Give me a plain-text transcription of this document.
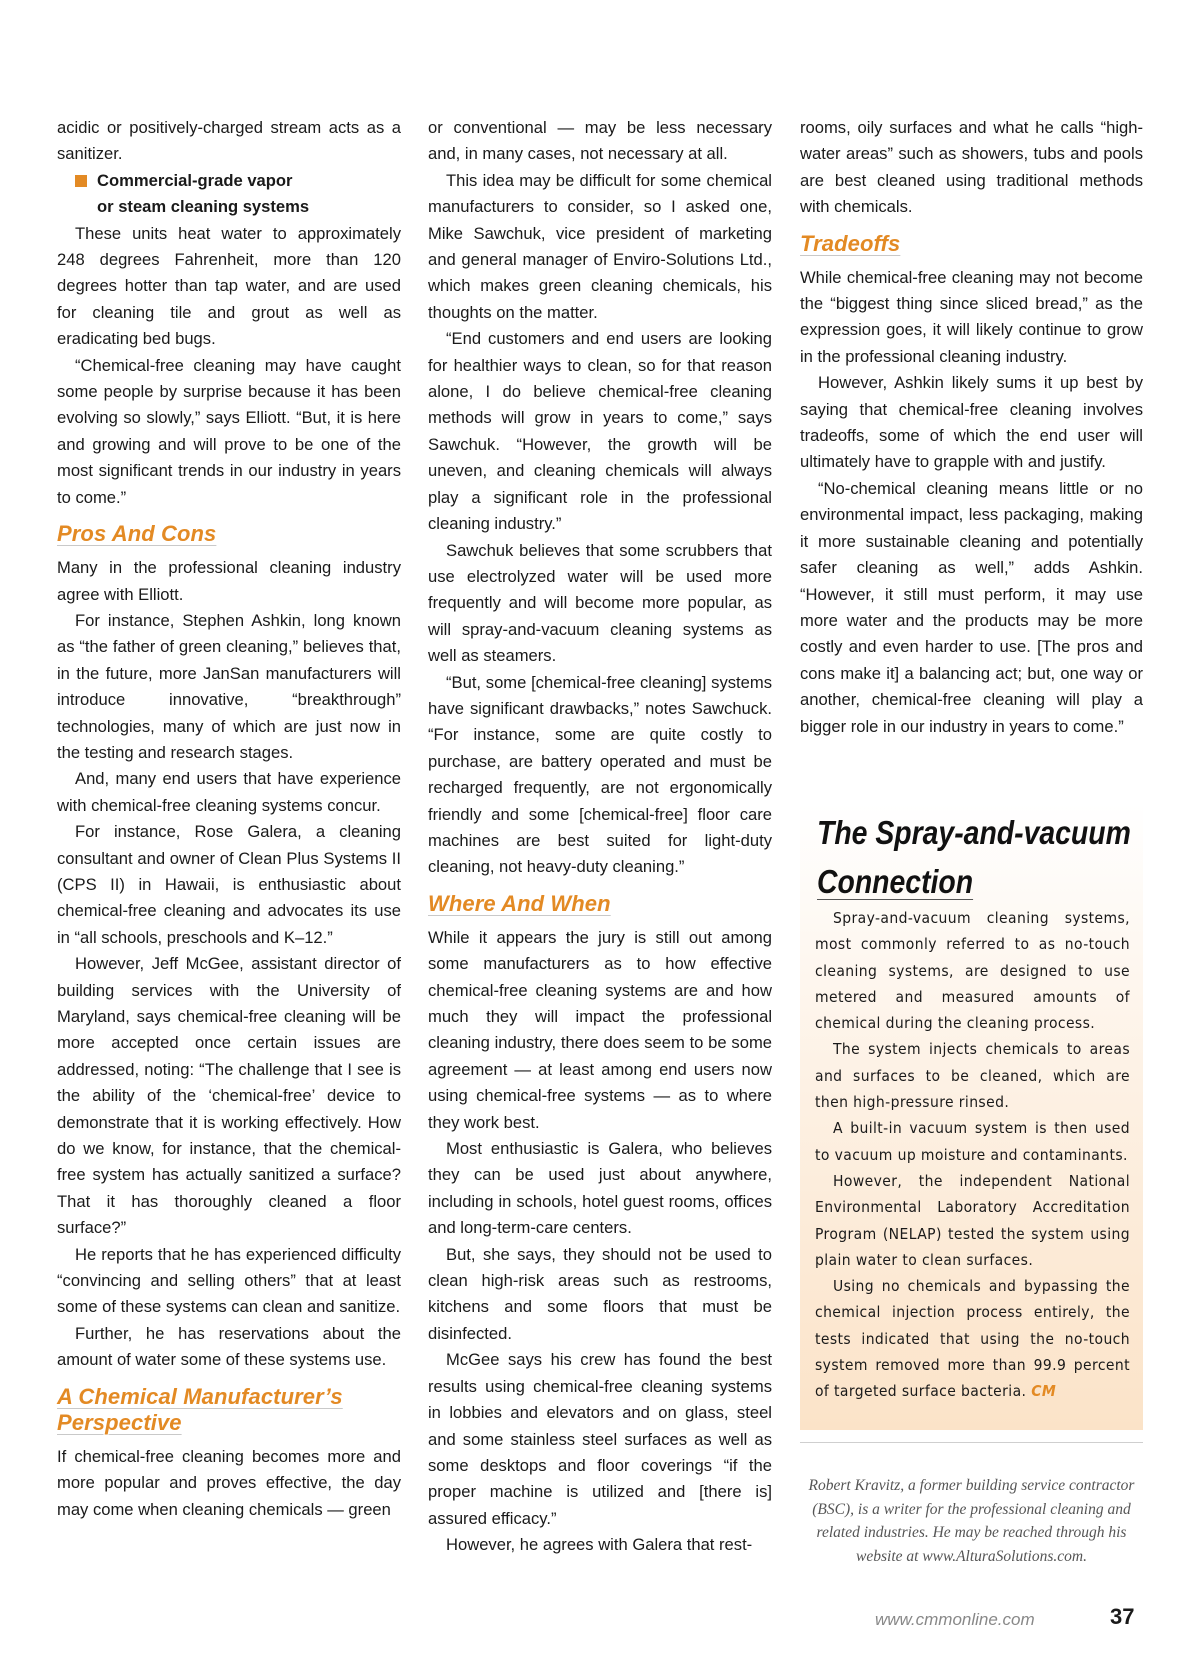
acidic or positively-charged stream acts as a sanitizer.

Commercial-grade vapor
or steam cleaning systems

These units heat water to approximately 248 degrees Fahrenheit, more than 120 degrees hotter than tap water, and are used for cleaning tile and grout as well as eradicating bed bugs.

“Chemical-free cleaning may have caught some people by surprise because it has been evolving so slowly,” says Elliott. “But, it is here and growing and will prove to be one of the most significant trends in our industry in years to come.”

Pros And Cons

Many in the professional cleaning industry agree with Elliott.

For instance, Stephen Ashkin, long known as “the father of green cleaning,” believes that, in the future, more JanSan manufacturers will introduce innovative, “breakthrough” technologies, many of which are just now in the testing and research stages.

And, many end users that have experience with chemical-free cleaning systems concur.

For instance, Rose Galera, a cleaning consultant and owner of Clean Plus Systems II (CPS II) in Hawaii, is enthusiastic about chemical-free cleaning and advocates its use in “all schools, preschools and K–12.”

However, Jeff McGee, assistant director of building services with the University of Maryland, says chemical-free cleaning will be more accepted once certain issues are addressed, noting: “The challenge that I see is the ability of the ‘chemical-free’ device to demonstrate that it is working effectively. How do we know, for instance, that the chemical-free system has actually sanitized a surface? That it has thoroughly cleaned a floor surface?”

He reports that he has experienced difficulty “convincing and selling others” that at least some of these systems can clean and sanitize.

Further, he has reservations about the amount of water some of these systems use.

A Chemical Manufacturer’s
Perspective

If chemical-free cleaning becomes more and more popular and proves effective, the day may come when cleaning chemicals — green

or conventional — may be less necessary and, in many cases, not necessary at all.

This idea may be difficult for some chemical manufacturers to consider, so I asked one, Mike Sawchuk, vice president of marketing and general manager of Enviro-Solutions Ltd., which makes green cleaning chemicals, his thoughts on the matter.

“End customers and end users are looking for healthier ways to clean, so for that reason alone, I do believe chemical-free cleaning methods will grow in years to come,” says Sawchuk. “However, the growth will be uneven, and cleaning chemicals will always play a significant role in the professional cleaning industry.”

Sawchuk believes that some scrubbers that use electrolyzed water will be used more frequently and will become more popular, as will spray-and-vacuum cleaning systems as well as steamers.

“But, some [chemical-free cleaning] systems have significant drawbacks,” notes Sawchuck. “For instance, some are quite costly to purchase, are battery operated and must be recharged frequently, are not ergonomically friendly and some [chemical-free] floor care machines are best suited for light-duty cleaning, not heavy-duty cleaning.”

Where And When

While it appears the jury is still out among some manufacturers as to how effective chemical-free cleaning systems are and how much they will impact the professional cleaning industry, there does seem to be some agreement — at least among end users now using chemical-free systems — as to where they work best.

Most enthusiastic is Galera, who believes they can be used just about anywhere, including in schools, hotel guest rooms, offices and long-term-care centers.

But, she says, they should not be used to clean high-risk areas such as restrooms, kitchens and some floors that must be disinfected.

McGee says his crew has found the best results using chemical-free cleaning systems in lobbies and elevators and on glass, steel and some stainless steel surfaces as well as some desktops and floor coverings “if the proper machine is utilized and [there is] assured efficacy.”

However, he agrees with Galera that rest-

rooms, oily surfaces and what he calls “high-water areas” such as showers, tubs and pools are best cleaned using traditional methods with chemicals.

Tradeoffs

While chemical-free cleaning may not become the “biggest thing since sliced bread,” as the expression goes, it will likely continue to grow in the professional cleaning industry.

However, Ashkin likely sums it up best by saying that chemical-free cleaning involves tradeoffs, some of which the end user will ultimately have to grapple with and justify.

“No-chemical cleaning means little or no environmental impact, less packaging, making it more sustainable cleaning and potentially safer cleaning as well,” adds Ashkin. “However, it still must perform, it may use more water and the products may be more costly and even harder to use. [The pros and cons make it] a balancing act; but, one way or another, chemical-free cleaning will play a bigger role in our industry in years to come.”

The Spray-and-vacuum
Connection

Spray-and-vacuum cleaning systems, most commonly referred to as no-touch cleaning systems, are designed to use metered and measured amounts of chemical during the cleaning process.

The system injects chemicals to areas and surfaces to be cleaned, which are then high-pressure rinsed.

A built-in vacuum system is then used to vacuum up moisture and contaminants.

However, the independent National Environmental Laboratory Accreditation Program (NELAP) tested the system using plain water to clean surfaces.

Using no chemicals and bypassing the chemical injection process entirely, the tests indicated that using the no-touch system removed more than 99.9 percent of targeted surface bacteria. CM

Robert Kravitz, a former building service contractor (BSC), is a writer for the professional cleaning and related industries. He may be reached through his website at www.AlturaSolutions.com.

www.cmmonline.com	37
